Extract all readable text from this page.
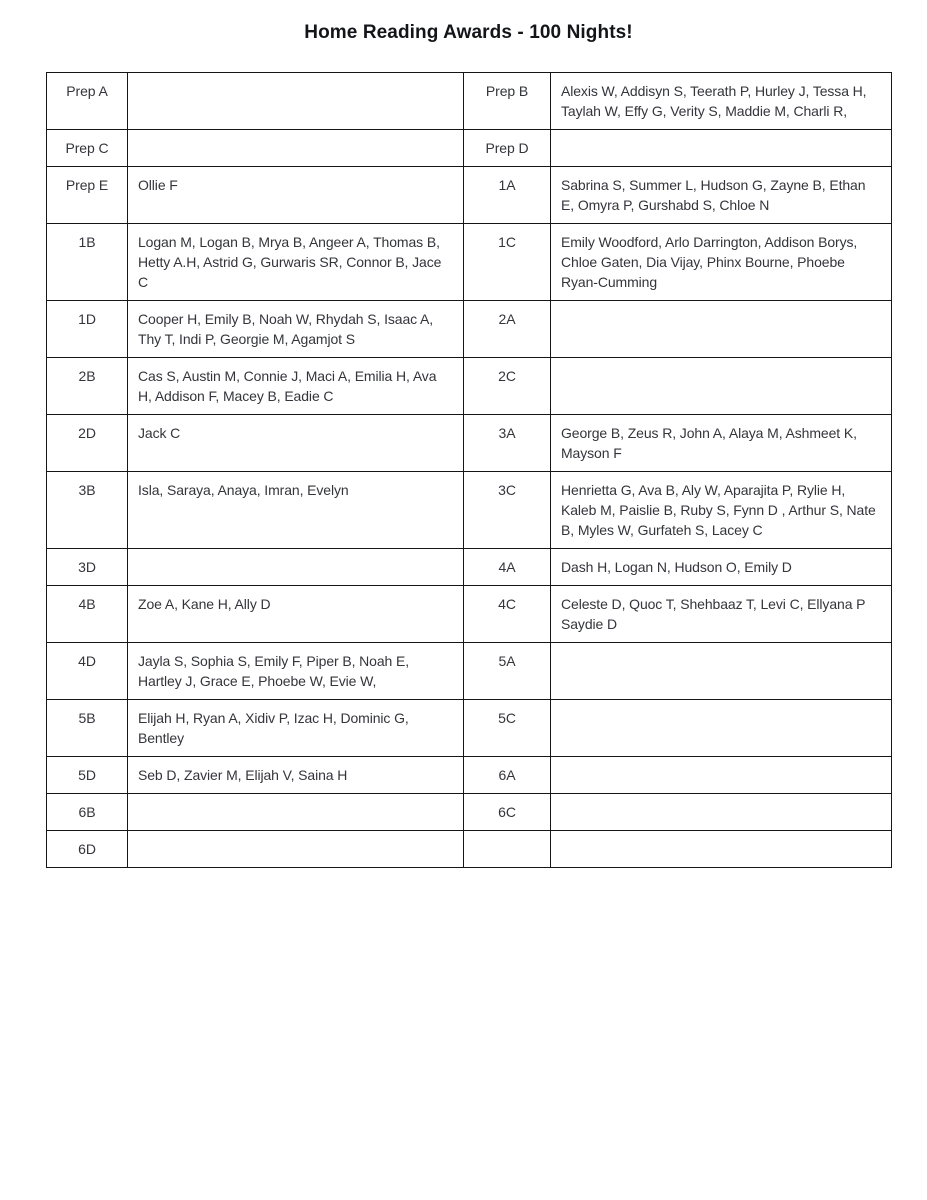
Home Reading Awards - 100 Nights!
Prep A		Prep B	Alexis W, Addisyn S, Teerath P, Hurley J, Tessa H, Taylah W, Effy G, Verity S, Maddie M, Charli R,
Prep C		Prep D	
Prep E	Ollie F	1A	Sabrina S, Summer L, Hudson G, Zayne B, Ethan E, Omyra P, Gurshabd S, Chloe N
1B	Logan M, Logan B, Mrya B, Angeer A, Thomas B, Hetty A.H, Astrid G, Gurwaris SR, Connor B, Jace C	1C	Emily Woodford, Arlo Darrington, Addison Borys, Chloe Gaten, Dia Vijay, Phinx Bourne, Phoebe Ryan-Cumming
1D	Cooper H, Emily B, Noah W, Rhydah S, Isaac A, Thy T, Indi P, Georgie M, Agamjot S	2A	
2B	Cas S, Austin M, Connie J, Maci A, Emilia H, Ava H, Addison F, Macey B, Eadie C	2C	
2D	Jack C	3A	George B, Zeus R, John A, Alaya M, Ashmeet K, Mayson F
3B	Isla, Saraya, Anaya, Imran, Evelyn	3C	Henrietta G, Ava B, Aly W, Aparajita P, Rylie H, Kaleb M, Paislie B, Ruby S, Fynn D , Arthur S, Nate B, Myles W, Gurfateh S, Lacey C
3D		4A	Dash H, Logan N, Hudson O, Emily D
4B	Zoe A, Kane H, Ally D	4C	Celeste D, Quoc T, Shehbaaz T, Levi C, Ellyana P Saydie D
4D	Jayla S, Sophia S, Emily F, Piper B, Noah E, Hartley J, Grace E, Phoebe W, Evie W,	5A	
5B	Elijah H, Ryan A, Xidiv P, Izac H, Dominic G, Bentley	5C	
5D	Seb D, Zavier M, Elijah V, Saina H	6A	
6B		6C	
6D			
